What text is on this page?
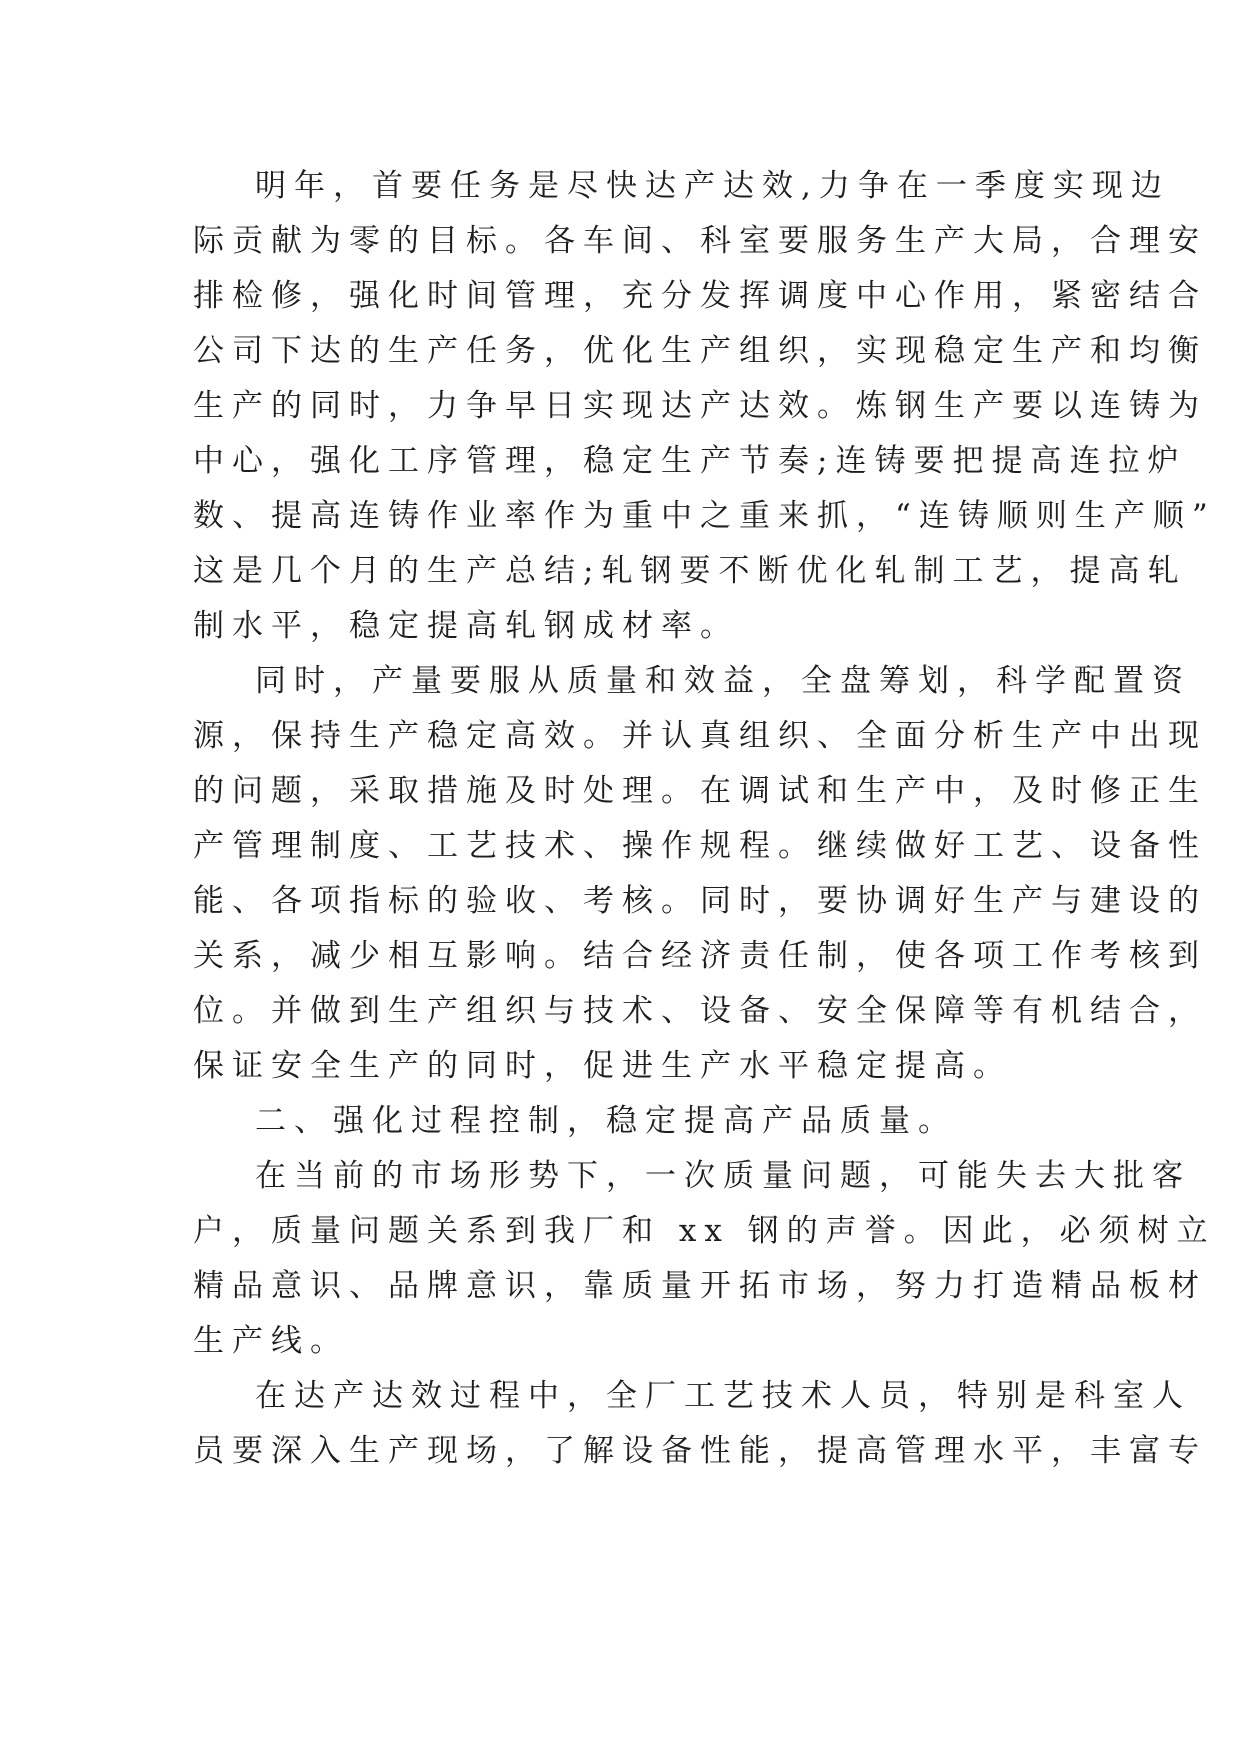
明年，首要任务是尽快达产达效,力争在一季度实现边
际贡献为零的目标。各车间、科室要服务生产大局，合理安
排检修，强化时间管理，充分发挥调度中心作用，紧密结合
公司下达的生产任务，优化生产组织，实现稳定生产和均衡
生产的同时，力争早日实现达产达效。炼钢生产要以连铸为
中心，强化工序管理，稳定生产节奏;连铸要把提高连拉炉
数、提高连铸作业率作为重中之重来抓，“连铸顺则生产顺”
这是几个月的生产总结;轧钢要不断优化轧制工艺，提高轧
制水平，稳定提高轧钢成材率。
同时，产量要服从质量和效益，全盘筹划，科学配置资
源，保持生产稳定高效。并认真组织、全面分析生产中出现
的问题，采取措施及时处理。在调试和生产中，及时修正生
产管理制度、工艺技术、操作规程。继续做好工艺、设备性
能、各项指标的验收、考核。同时，要协调好生产与建设的
关系，减少相互影响。结合经济责任制，使各项工作考核到
位。并做到生产组织与技术、设备、安全保障等有机结合，
保证安全生产的同时，促进生产水平稳定提高。
二、强化过程控制，稳定提高产品质量。
在当前的市场形势下，一次质量问题，可能失去大批客
户，质量问题关系到我厂和 xx 钢的声誉。因此，必须树立
精品意识、品牌意识，靠质量开拓市场，努力打造精品板材
生产线。
在达产达效过程中，全厂工艺技术人员，特别是科室人
员要深入生产现场，了解设备性能，提高管理水平，丰富专
